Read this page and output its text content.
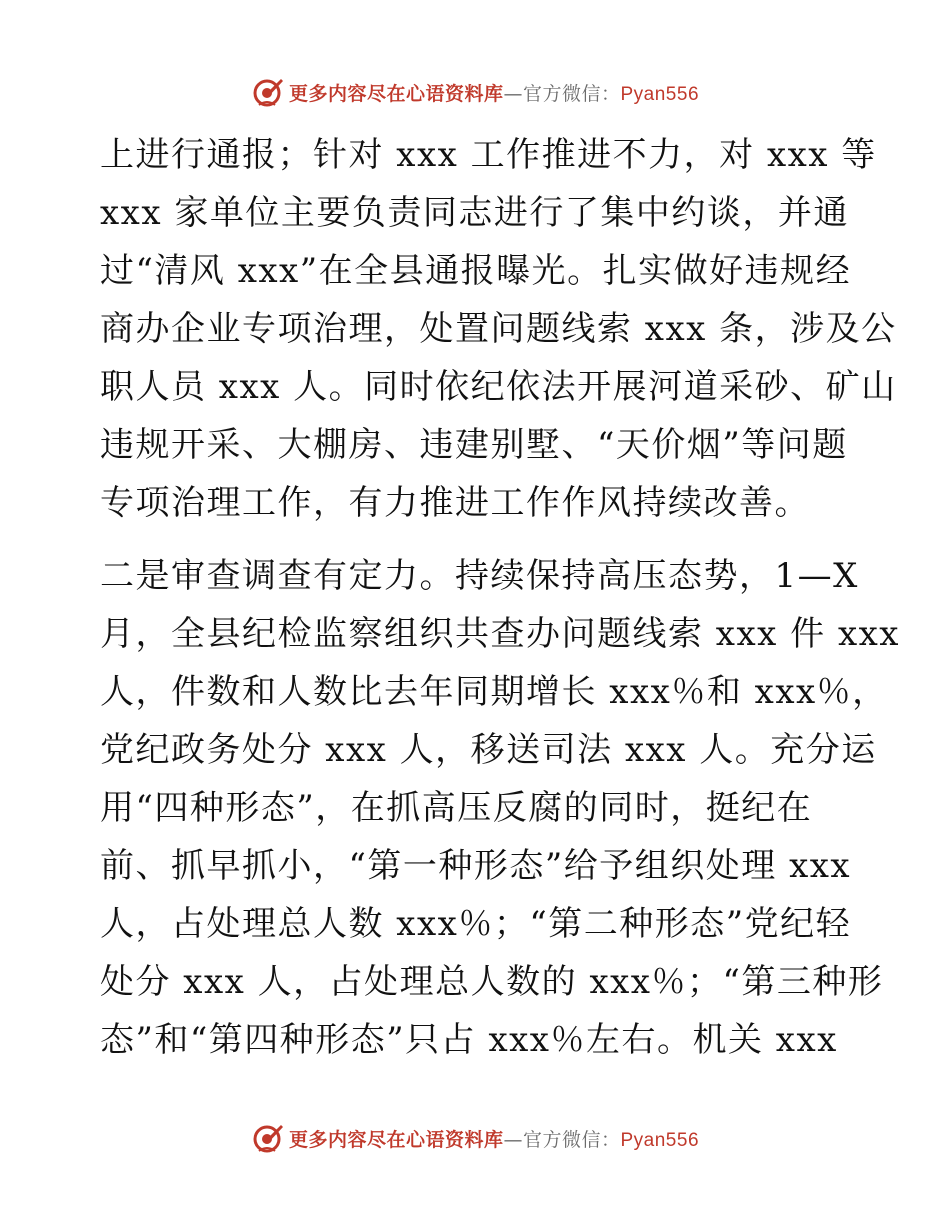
更多内容尽在心语资料库—官方微信：Pyan556
上进行通报；针对 xxx 工作推进不力，对 xxx 等
xxx 家单位主要负责同志进行了集中约谈，并通
过“清风 xxx”在全县通报曝光。扎实做好违规经
商办企业专项治理，处置问题线索 xxx 条，涉及公
职人员 xxx 人。同时依纪依法开展河道采砂、矿山
违规开采、大棚房、违建别墅、“天价烟”等问题
专项治理工作，有力推进工作作风持续改善。
二是审查调查有定力。持续保持高压态势，1—X
月，全县纪检监察组织共查办问题线索 xxx 件 xxx
人，件数和人数比去年同期增长 xxx％和 xxx％，
党纪政务处分 xxx 人，移送司法 xxx 人。充分运
用“四种形态”，在抓高压反腐的同时，挺纪在
前、抓早抓小，“第一种形态”给予组织处理 xxx
人，占处理总人数 xxx％；“第二种形态”党纪轻
处分 xxx 人，占处理总人数的 xxx％；“第三种形
态”和“第四种形态”只占 xxx％左右。机关 xxx
更多内容尽在心语资料库—官方微信：Pyan556
